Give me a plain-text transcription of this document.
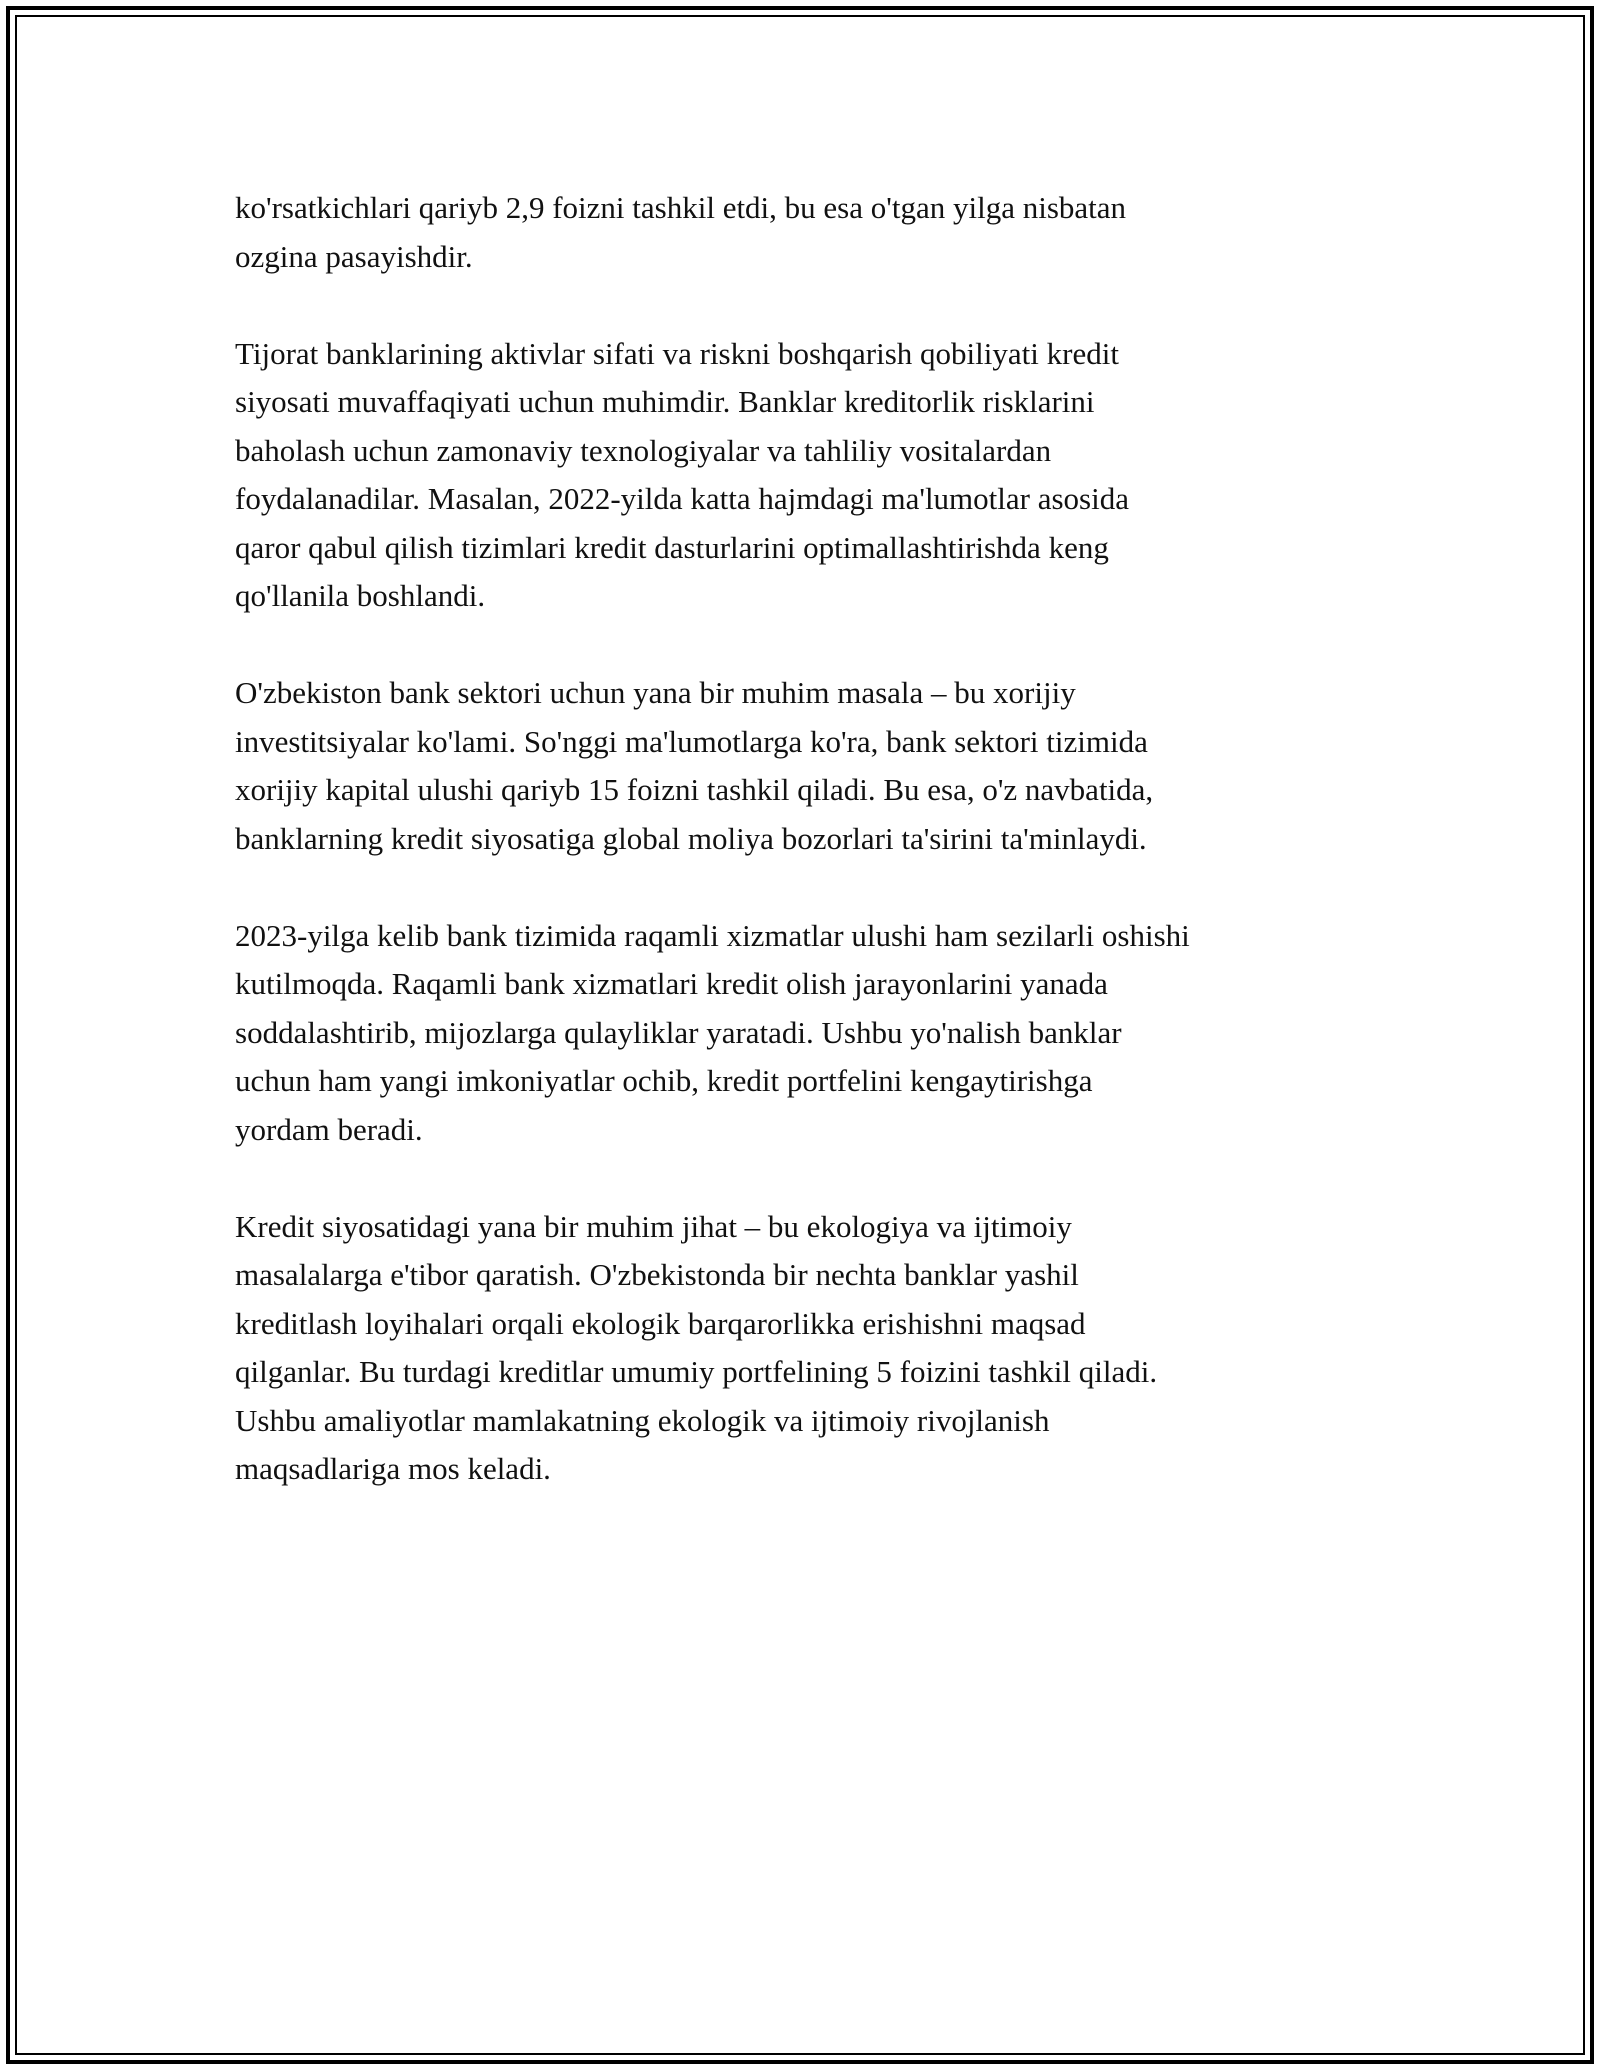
ko'rsatkichlari qariyb 2,9 foizni tashkil etdi, bu esa o'tgan yilga nisbatan
ozgina pasayishdir.

Tijorat banklarining aktivlar sifati va riskni boshqarish qobiliyati kredit
siyosati muvaffaqiyati uchun muhimdir. Banklar kreditorlik risklarini
baholash uchun zamonaviy texnologiyalar va tahliliy vositalardan
foydalanadilar. Masalan, 2022-yilda katta hajmdagi ma'lumotlar asosida
qaror qabul qilish tizimlari kredit dasturlarini optimallashtirishda keng
qo'llanila boshlandi.

O'zbekiston bank sektori uchun yana bir muhim masala – bu xorijiy
investitsiyalar ko'lami. So'nggi ma'lumotlarga ko'ra, bank sektori tizimida
xorijiy kapital ulushi qariyb 15 foizni tashkil qiladi. Bu esa, o'z navbatida,
banklarning kredit siyosatiga global moliya bozorlari ta'sirini ta'minlaydi.

2023-yilga kelib bank tizimida raqamli xizmatlar ulushi ham sezilarli oshishi
kutilmoqda. Raqamli bank xizmatlari kredit olish jarayonlarini yanada
soddalashtirib, mijozlarga qulayliklar yaratadi. Ushbu yo'nalish banklar
uchun ham yangi imkoniyatlar ochib, kredit portfelini kengaytirishga
yordam beradi.

Kredit siyosatidagi yana bir muhim jihat – bu ekologiya va ijtimoiy
masalalarga e'tibor qaratish. O'zbekistonda bir nechta banklar yashil
kreditlash loyihalari orqali ekologik barqarorlikka erishishni maqsad
qilganlar. Bu turdagi kreditlar umumiy portfelining 5 foizini tashkil qiladi.
Ushbu amaliyotlar mamlakatning ekologik va ijtimoiy rivojlanish
maqsadlariga mos keladi.
